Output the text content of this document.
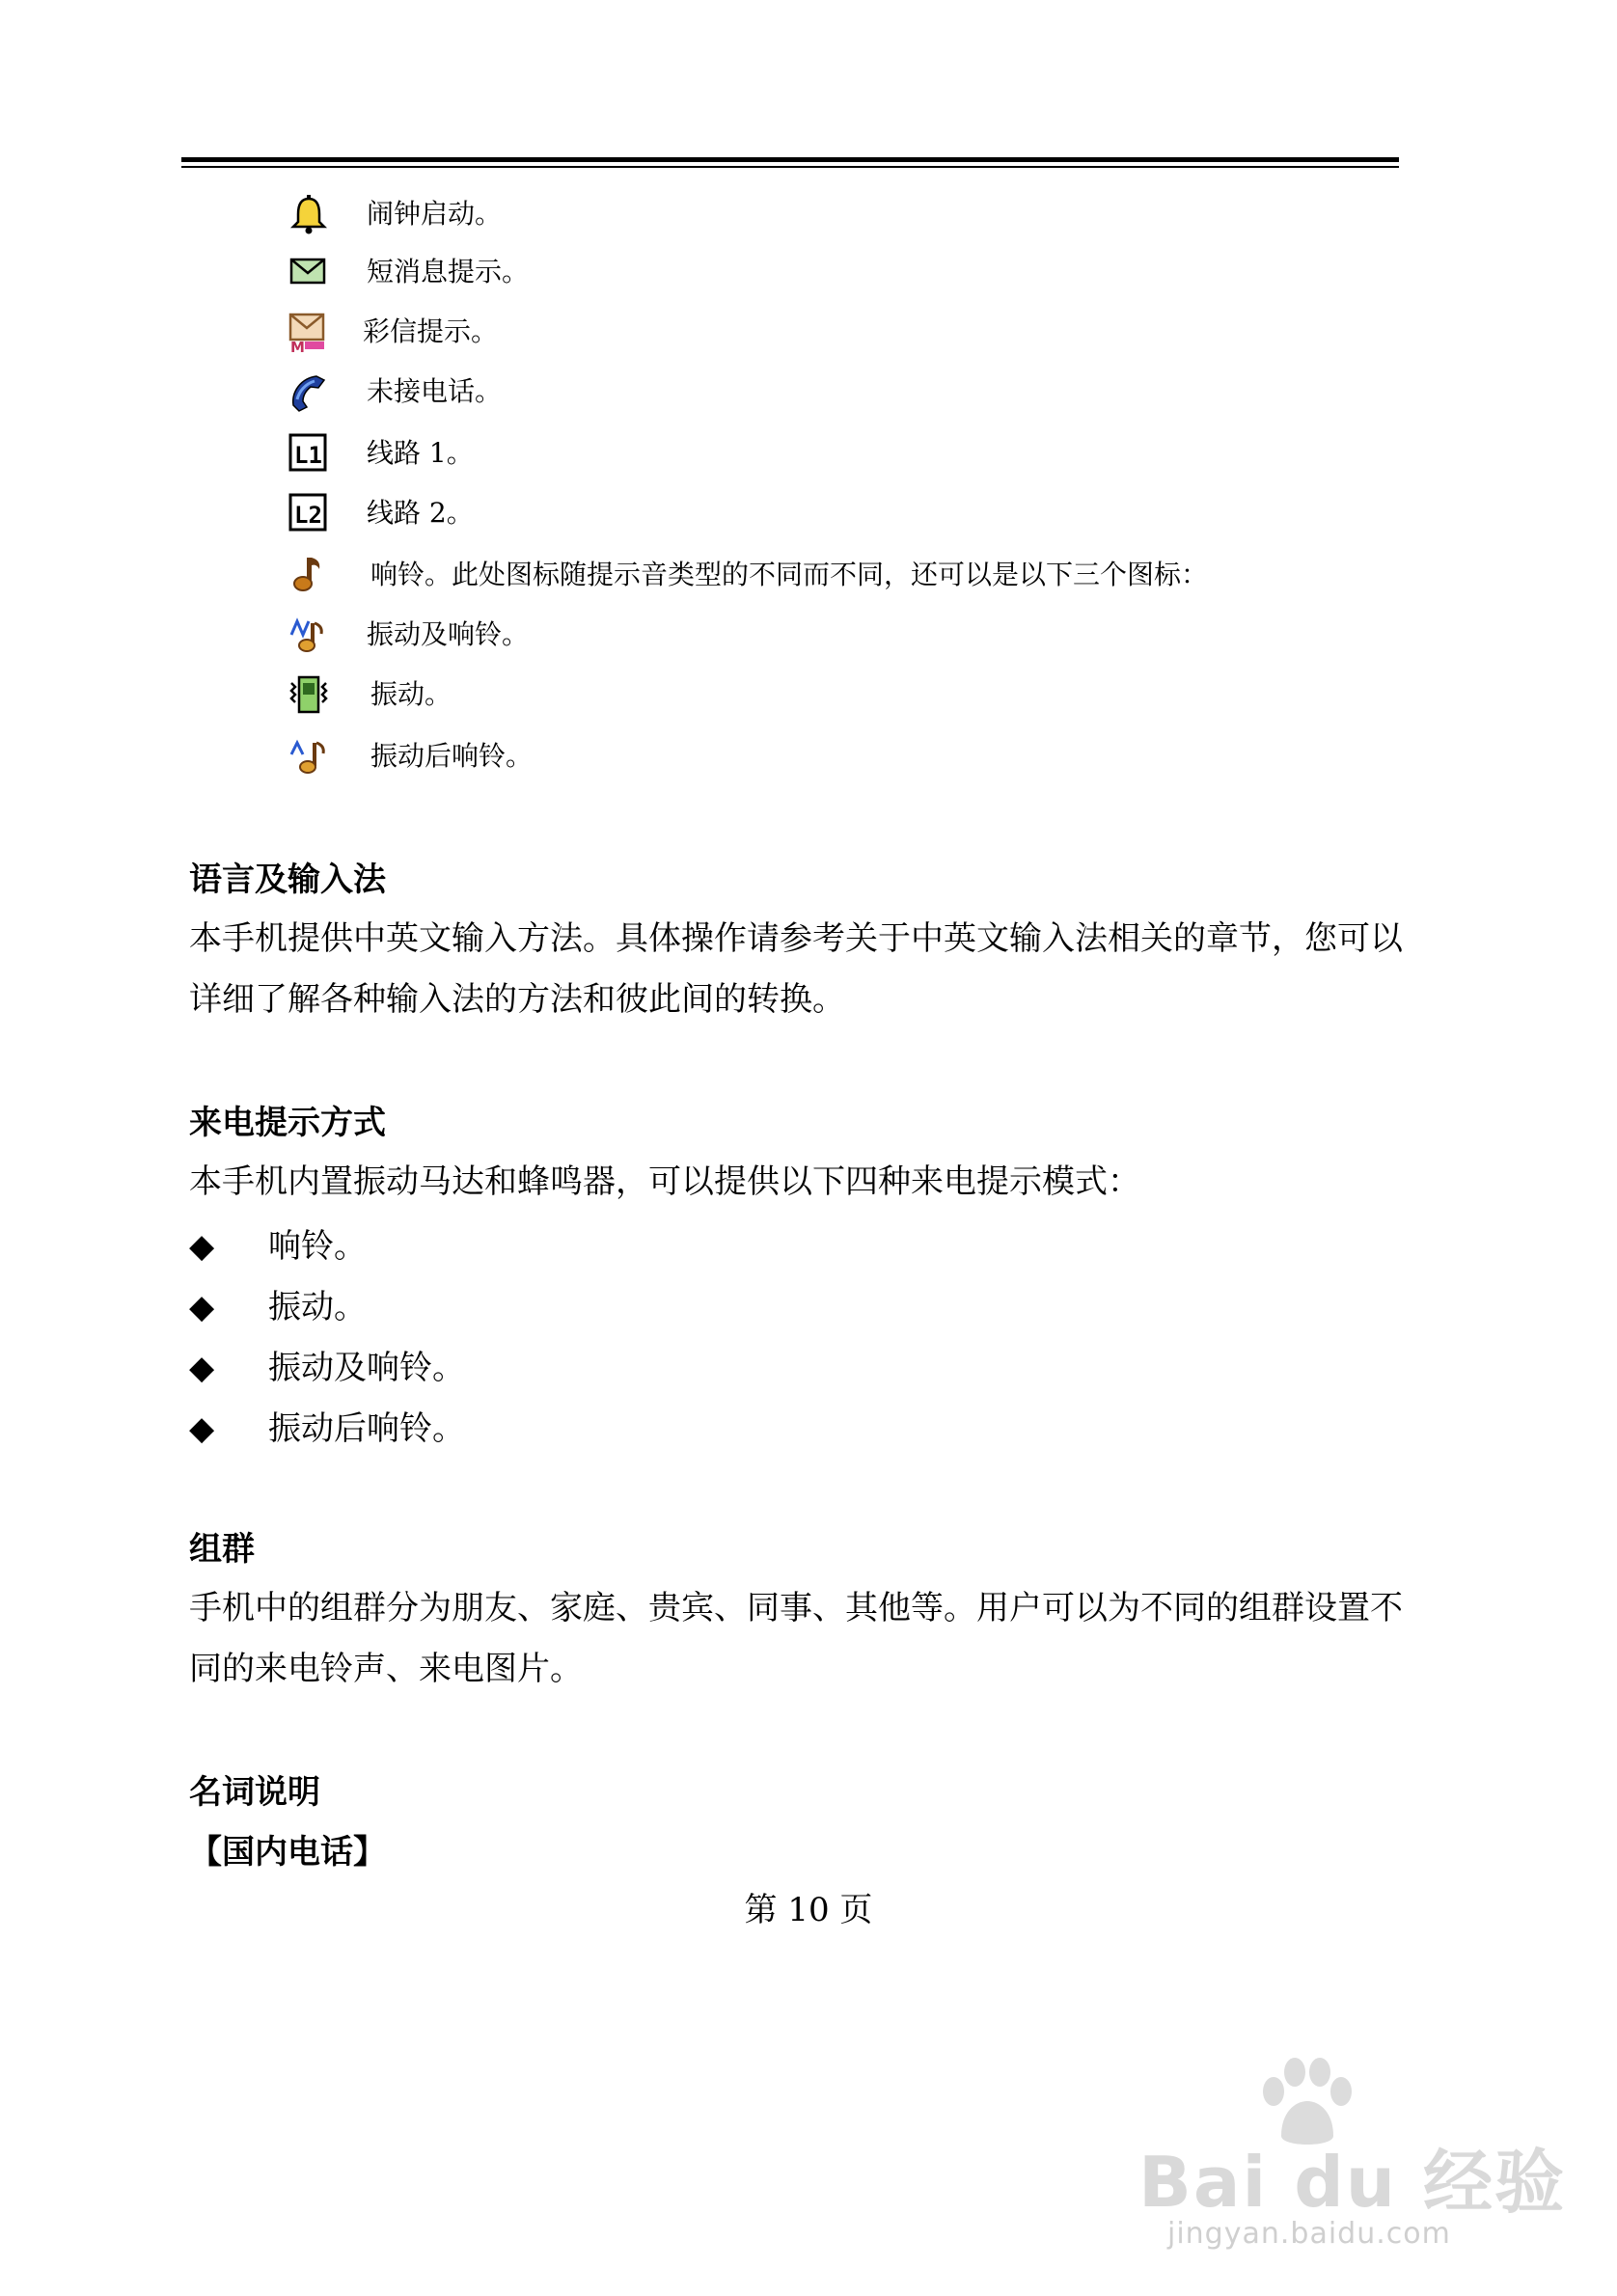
闹钟启动。
短消息提示。
M 彩信提示。
未接电话。
L1 线路 1。
L2 线路 2。
响铃。此处图标随提示音类型的不同而不同，还可以是以下三个图标：
振动及响铃。
振动。
振动后响铃。
语言及输入法
本手机提供中英文输入方法。具体操作请参考关于中英文输入法相关的章节，您可以详细了解各种输入法的方法和彼此间的转换。
来电提示方式
本手机内置振动马达和蜂鸣器，可以提供以下四种来电提示模式：
◆	响铃。
◆	振动。
◆	振动及响铃。
◆	振动后响铃。
组群
手机中的组群分为朋友、家庭、贵宾、同事、其他等。用户可以为不同的组群设置不同的来电铃声、来电图片。
名词说明
【国内电话】
第 10 页
Bai du 经验
jingyan.baidu.com
